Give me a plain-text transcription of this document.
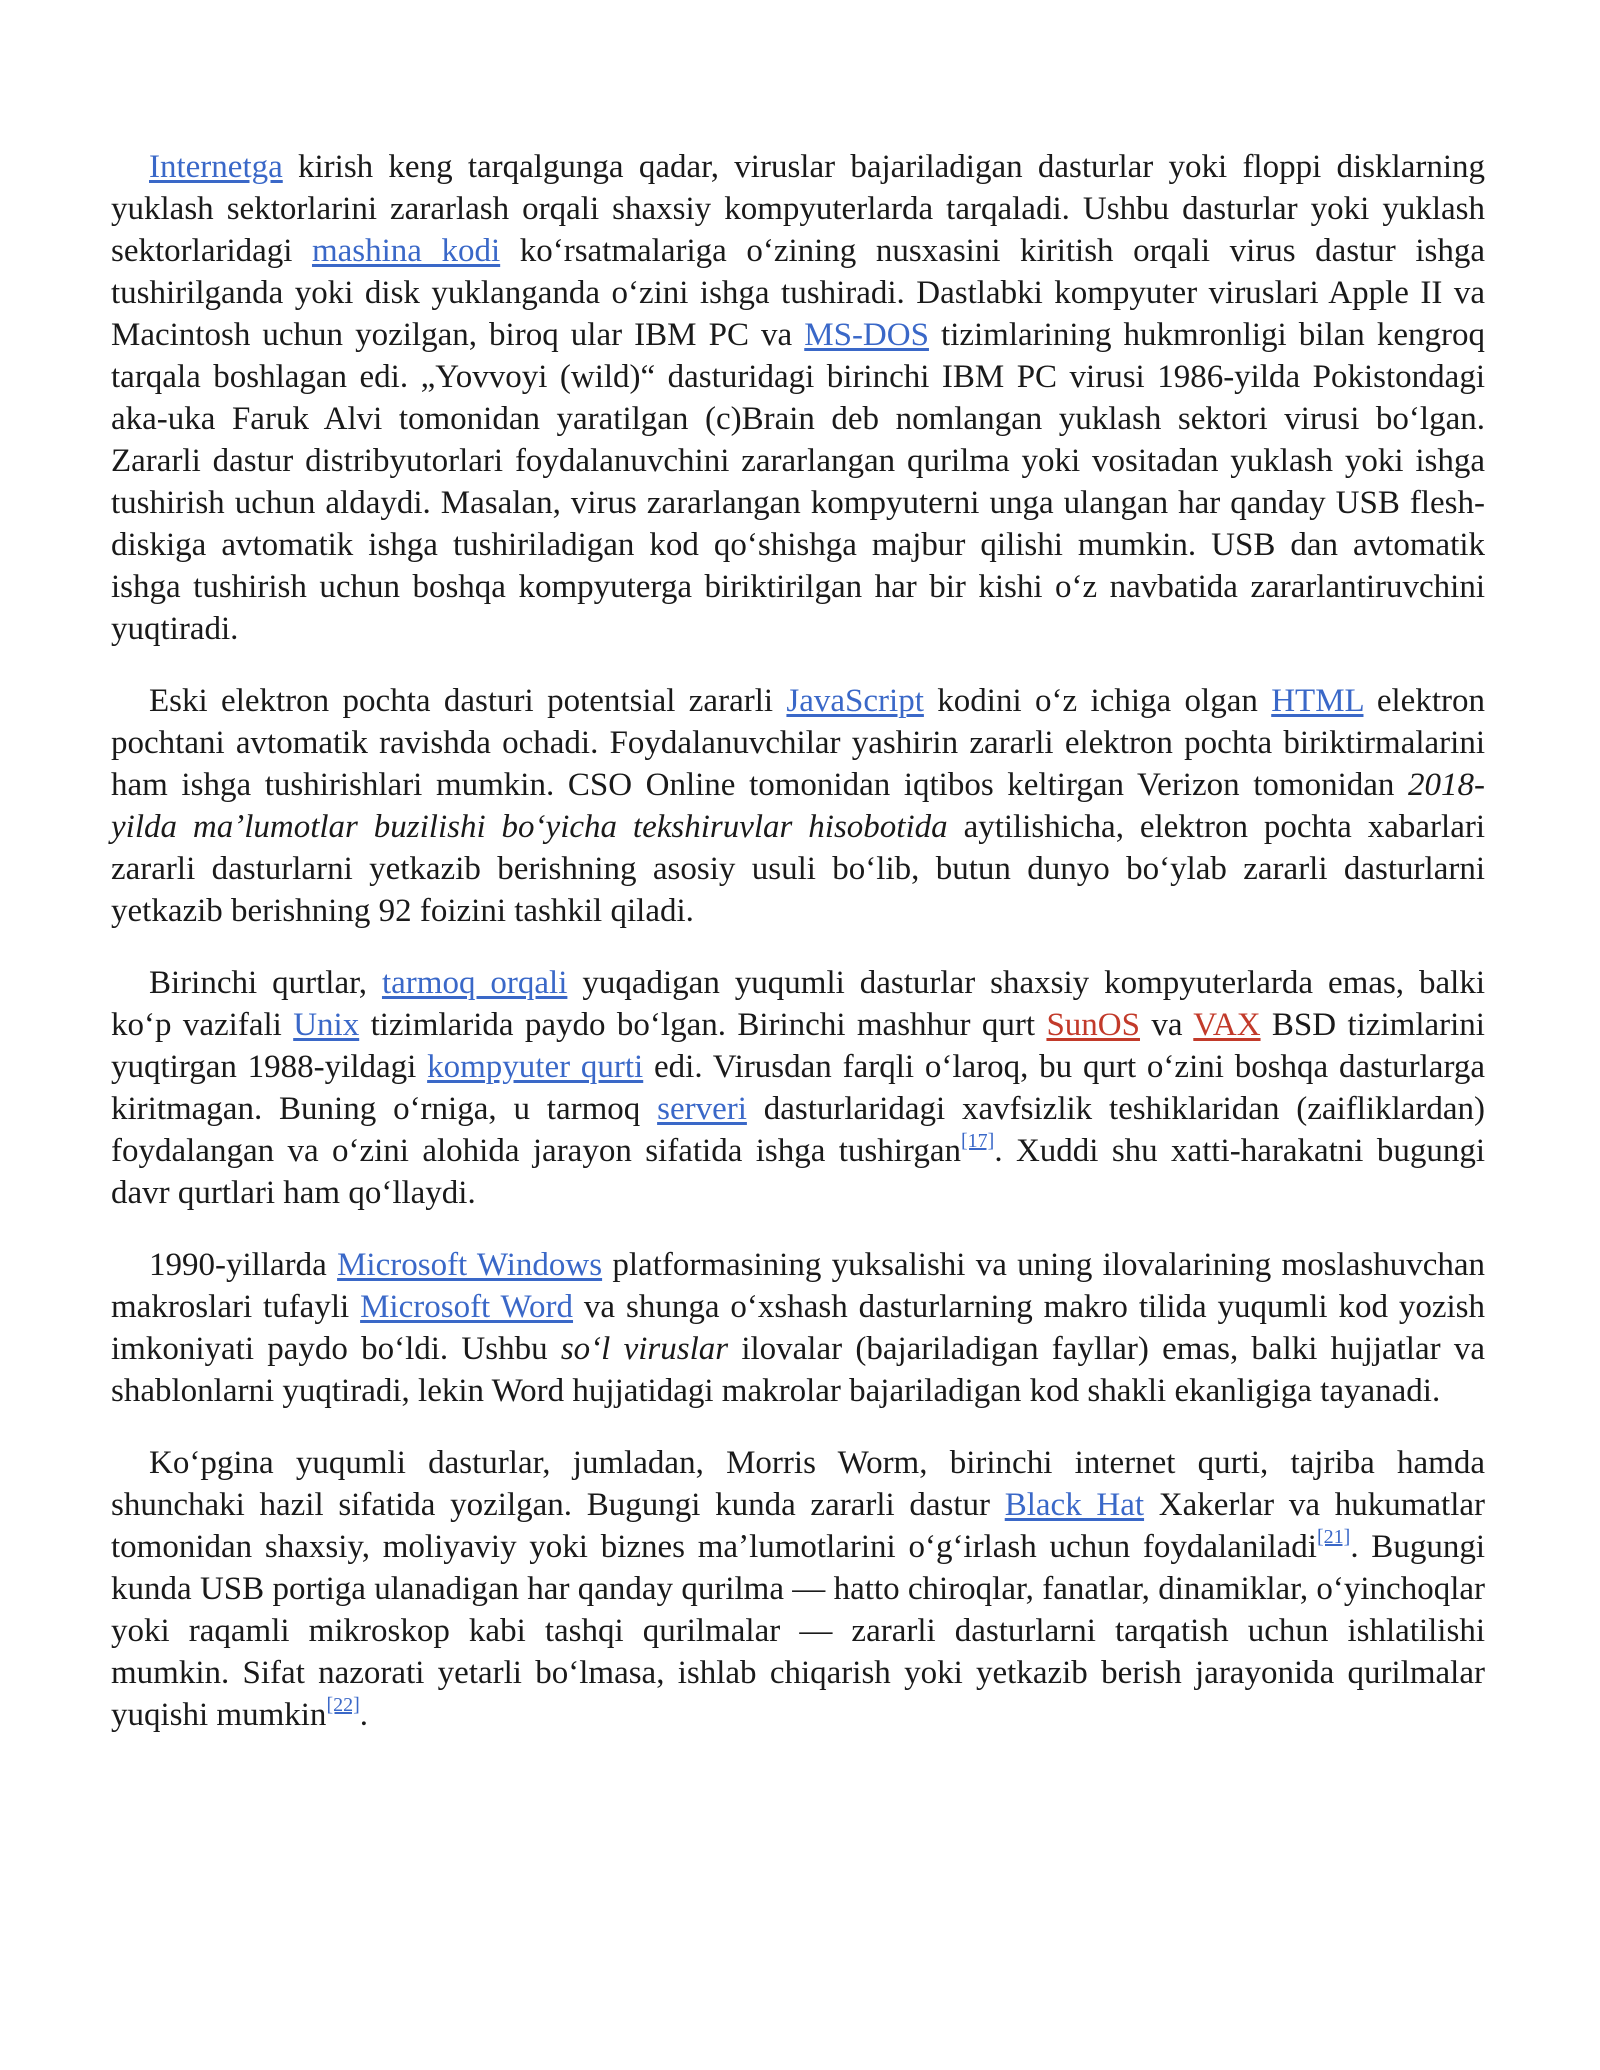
Internetga kirish keng tarqalgunga qadar, viruslar bajariladigan dasturlar yoki floppi disklarning yuklash sektorlarini zararlash orqali shaxsiy kompyuterlarda tarqaladi. Ushbu dasturlar yoki yuklash sektorlaridagi mashina kodi koʻrsatmalariga oʻzining nusxasini kiritish orqali virus dastur ishga tushirilganda yoki disk yuklanganda oʻzini ishga tushiradi. Dastlabki kompyuter viruslari Apple II va Macintosh uchun yozilgan, biroq ular IBM PC va MS-DOS tizimlarining hukmronligi bilan kengroq tarqala boshlagan edi. „Yovvoyi (wild)“ dasturidagi birinchi IBM PC virusi 1986-yilda Pokistondagi aka-uka Faruk Alvi tomonidan yaratilgan (c)Brain deb nomlangan yuklash sektori virusi boʻlgan. Zararli dastur distribyutorlari foydalanuvchini zararlangan qurilma yoki vositadan yuklash yoki ishga tushirish uchun aldaydi. Masalan, virus zararlangan kompyuterni unga ulangan har qanday USB flesh-diskiga avtomatik ishga tushiriladigan kod qoʻshishga majbur qilishi mumkin. USB dan avtomatik ishga tushirish uchun boshqa kompyuterga biriktirilgan har bir kishi oʻz navbatida zararlantiruvchini yuqtiradi.

Eski elektron pochta dasturi potentsial zararli JavaScript kodini oʻz ichiga olgan HTML elektron pochtani avtomatik ravishda ochadi. Foydalanuvchilar yashirin zararli elektron pochta biriktirmalarini ham ishga tushirishlari mumkin. CSO Online tomonidan iqtibos keltirgan Verizon tomonidan 2018-yilda maʼlumotlar buzilishi boʻyicha tekshiruvlar hisobotida aytilishicha, elektron pochta xabarlari zararli dasturlarni yetkazib berishning asosiy usuli boʻlib, butun dunyo boʻylab zararli dasturlarni yetkazib berishning 92 foizini tashkil qiladi.

Birinchi qurtlar, tarmoq orqali yuqadigan yuqumli dasturlar shaxsiy kompyuterlarda emas, balki koʻp vazifali Unix tizimlarida paydo boʻlgan. Birinchi mashhur qurt SunOS va VAX BSD tizimlarini yuqtirgan 1988-yildagi kompyuter qurti edi. Virusdan farqli oʻlaroq, bu qurt oʻzini boshqa dasturlarga kiritmagan. Buning oʻrniga, u tarmoq serveri dasturlaridagi xavfsizlik teshiklaridan (zaifliklardan) foydalangan va oʻzini alohida jarayon sifatida ishga tushirgan[17]. Xuddi shu xatti-harakatni bugungi davr qurtlari ham qoʻllaydi.

1990-yillarda Microsoft Windows platformasining yuksalishi va uning ilovalarining moslashuvchan makroslari tufayli Microsoft Word va shunga oʻxshash dasturlarning makro tilida yuqumli kod yozish imkoniyati paydo boʻldi. Ushbu soʻl viruslar ilovalar (bajariladigan fayllar) emas, balki hujjatlar va shablonlarni yuqtiradi, lekin Word hujjatidagi makrolar bajariladigan kod shakli ekanligiga tayanadi.

Koʻpgina yuqumli dasturlar, jumladan, Morris Worm, birinchi internet qurti, tajriba hamda shunchaki hazil sifatida yozilgan. Bugungi kunda zararli dastur Black Hat Xakerlar va hukumatlar tomonidan shaxsiy, moliyaviy yoki biznes maʼlumotlarini oʻgʻirlash uchun foydalaniladi[21]. Bugungi kunda USB portiga ulanadigan har qanday qurilma — hatto chiroqlar, fanatlar, dinamiklar, oʻyinchoqlar yoki raqamli mikroskop kabi tashqi qurilmalar — zararli dasturlarni tarqatish uchun ishlatilishi mumkin. Sifat nazorati yetarli boʻlmasa, ishlab chiqarish yoki yetkazib berish jarayonida qurilmalar yuqishi mumkin[22].
